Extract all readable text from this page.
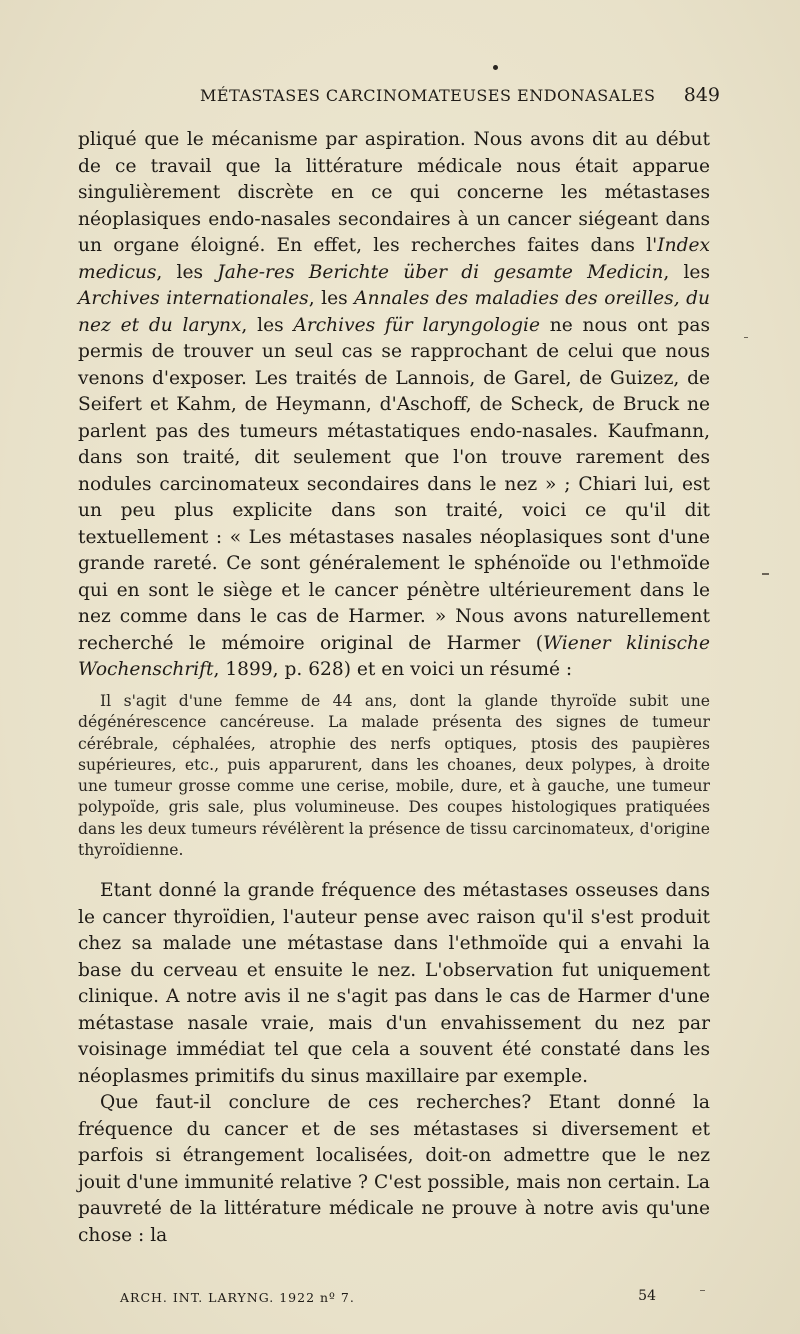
MÉTASTASES CARCINOMATEUSES ENDONASALES	849

pliqué que le mécanisme par aspiration. Nous avons dit au début de ce travail que la littérature médicale nous était apparue singulièrement discrète en ce qui concerne les métastases néoplasiques endo-nasales secondaires à un cancer siégeant dans un organe éloigné. En effet, les recherches faites dans l'Index medicus, les Jahe-res Berichte über di gesamte Medicin, les Archives internationales, les Annales des maladies des oreilles, du nez et du larynx, les Archives für laryngologie ne nous ont pas permis de trouver un seul cas se rapprochant de celui que nous venons d'exposer. Les traités de Lannois, de Garel, de Guizez, de Seifert et Kahm, de Heymann, d'Aschoff, de Scheck, de Bruck ne parlent pas des tumeurs métastatiques endo-nasales. Kaufmann, dans son traité, dit seulement que l'on trouve rarement des nodules carcinomateux secondaires dans le nez » ; Chiari lui, est un peu plus explicite dans son traité, voici ce qu'il dit textuellement : « Les métastases nasales néoplasiques sont d'une grande rareté. Ce sont généralement le sphénoïde ou l'ethmoïde qui en sont le siège et le cancer pénètre ultérieurement dans le nez comme dans le cas de Harmer. » Nous avons naturellement recherché le mémoire original de Harmer (Wiener klinische Wochenschrift, 1899, p. 628) et en voici un résumé :

Il s'agit d'une femme de 44 ans, dont la glande thyroïde subit une dégénérescence cancéreuse. La malade présenta des signes de tumeur cérébrale, céphalées, atrophie des nerfs optiques, ptosis des paupières supérieures, etc., puis apparurent, dans les choanes, deux polypes, à droite une tumeur grosse comme une cerise, mobile, dure, et à gauche, une tumeur polypoïde, gris sale, plus volumineuse. Des coupes histologiques pratiquées dans les deux tumeurs révélèrent la présence de tissu carcinomateux, d'origine thyroïdienne.

Etant donné la grande fréquence des métastases osseuses dans le cancer thyroïdien, l'auteur pense avec raison qu'il s'est produit chez sa malade une métastase dans l'ethmoïde qui a envahi la base du cerveau et ensuite le nez. L'observation fut uniquement clinique. A notre avis il ne s'agit pas dans le cas de Harmer d'une métastase nasale vraie, mais d'un envahissement du nez par voisinage immédiat tel que cela a souvent été constaté dans les néoplasmes primitifs du sinus maxillaire par exemple.

Que faut-il conclure de ces recherches? Etant donné la fréquence du cancer et de ses métastases si diversement et parfois si étrangement localisées, doit-on admettre que le nez jouit d'une immunité relative ? C'est possible, mais non certain. La pauvreté de la littérature médicale ne prouve à notre avis qu'une chose : la

ARCH. INT. LARYNG. 1922 nº 7.	54
